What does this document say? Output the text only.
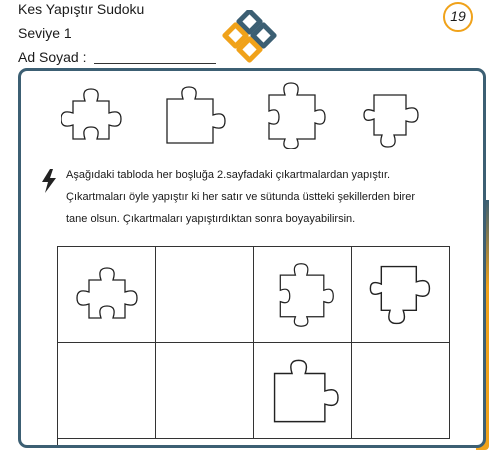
Kes Yapıştır Sudoku
Seviye 1
Ad Soyad :
19
Aşağıdaki tabloda her boşluğa 2.sayfadaki çıkartmalardan yapıştır.
Çıkartmaları öyle yapıştır ki her satır ve sütunda üstteki şekillerden birer
tane olsun. Çıkartmaları yapıştırdıktan sonra boyayabilirsin.
